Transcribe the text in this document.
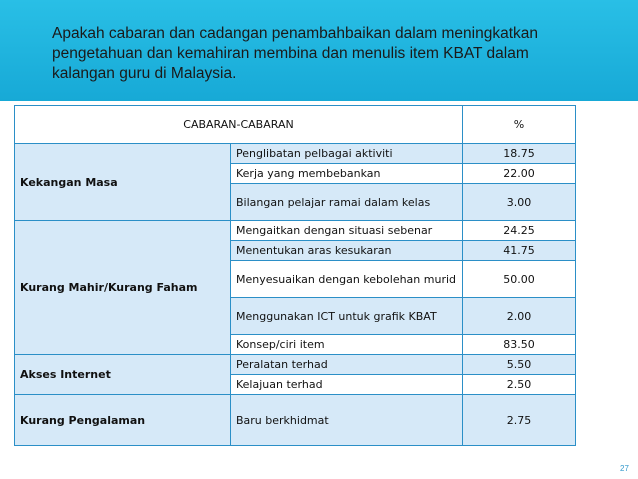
Apakah cabaran dan cadangan penambahbaikan dalam meningkatkan pengetahuan dan kemahiran membina dan menulis item KBAT dalam kalangan guru di Malaysia.
CABARAN-CABARAN		%
Kekangan Masa	Penglibatan pelbagai aktiviti	18.75
	Kerja yang membebankan	22.00
	Bilangan pelajar ramai dalam kelas	3.00
Kurang Mahir/Kurang Faham	Mengaitkan dengan situasi sebenar	24.25
	Menentukan aras kesukaran	41.75
	Menyesuaikan dengan kebolehan murid	50.00
	Menggunakan ICT untuk grafik KBAT	2.00
	Konsep/ciri item	83.50
Akses Internet	Peralatan terhad	5.50
	Kelajuan terhad	2.50
Kurang Pengalaman	Baru berkhidmat	2.75
27
